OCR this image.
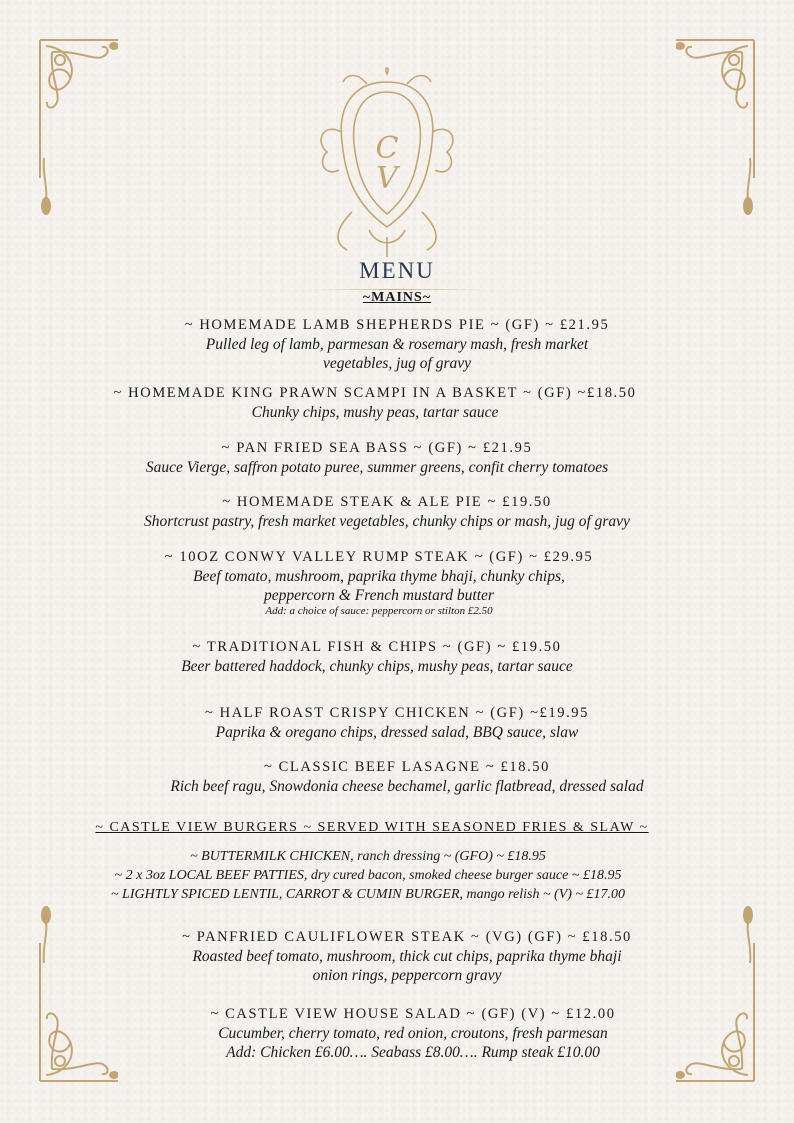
C
V
MENU
~MAINS~
~ HOMEMADE LAMB SHEPHERDS PIE ~ (GF) ~ £21.95
Pulled leg of lamb, parmesan & rosemary mash, fresh market
vegetables, jug of gravy
~ HOMEMADE KING PRAWN SCAMPI IN A BASKET ~ (GF) ~£18.50
Chunky chips, mushy peas, tartar sauce
~ PAN FRIED SEA BASS ~ (GF) ~ £21.95
Sauce Vierge, saffron potato puree, summer greens, confit cherry tomatoes
~ HOMEMADE STEAK & ALE PIE ~ £19.50
Shortcrust pastry, fresh market vegetables, chunky chips or mash, jug of gravy
~ 10OZ CONWY VALLEY RUMP STEAK ~ (GF) ~ £29.95
Beef tomato, mushroom, paprika thyme bhaji, chunky chips,
peppercorn & French mustard butter
Add: a choice of sauce: peppercorn or stilton £2.50
~ TRADITIONAL FISH & CHIPS ~ (GF) ~ £19.50
Beer battered haddock, chunky chips, mushy peas, tartar sauce
~ HALF ROAST CRISPY CHICKEN ~ (GF) ~£19.95
Paprika & oregano chips, dressed salad, BBQ sauce, slaw
~ CLASSIC BEEF LASAGNE ~ £18.50
Rich beef ragu, Snowdonia cheese bechamel, garlic flatbread, dressed salad
~ CASTLE VIEW BURGERS ~ SERVED WITH SEASONED FRIES & SLAW ~
~ BUTTERMILK CHICKEN, ranch dressing ~ (GFO) ~ £18.95
~ 2 x 3oz LOCAL BEEF PATTIES, dry cured bacon, smoked cheese burger sauce ~ £18.95
~ LIGHTLY SPICED LENTIL, CARROT & CUMIN BURGER, mango relish ~ (V) ~ £17.00
~ PANFRIED CAULIFLOWER STEAK ~ (VG) (GF) ~ £18.50
Roasted beef tomato, mushroom, thick cut chips, paprika thyme bhaji
onion rings, peppercorn gravy
~ CASTLE VIEW HOUSE SALAD ~ (GF) (V) ~ £12.00
Cucumber, cherry tomato, red onion, croutons, fresh parmesan
Add: Chicken £6.00…. Seabass £8.00…. Rump steak £10.00
